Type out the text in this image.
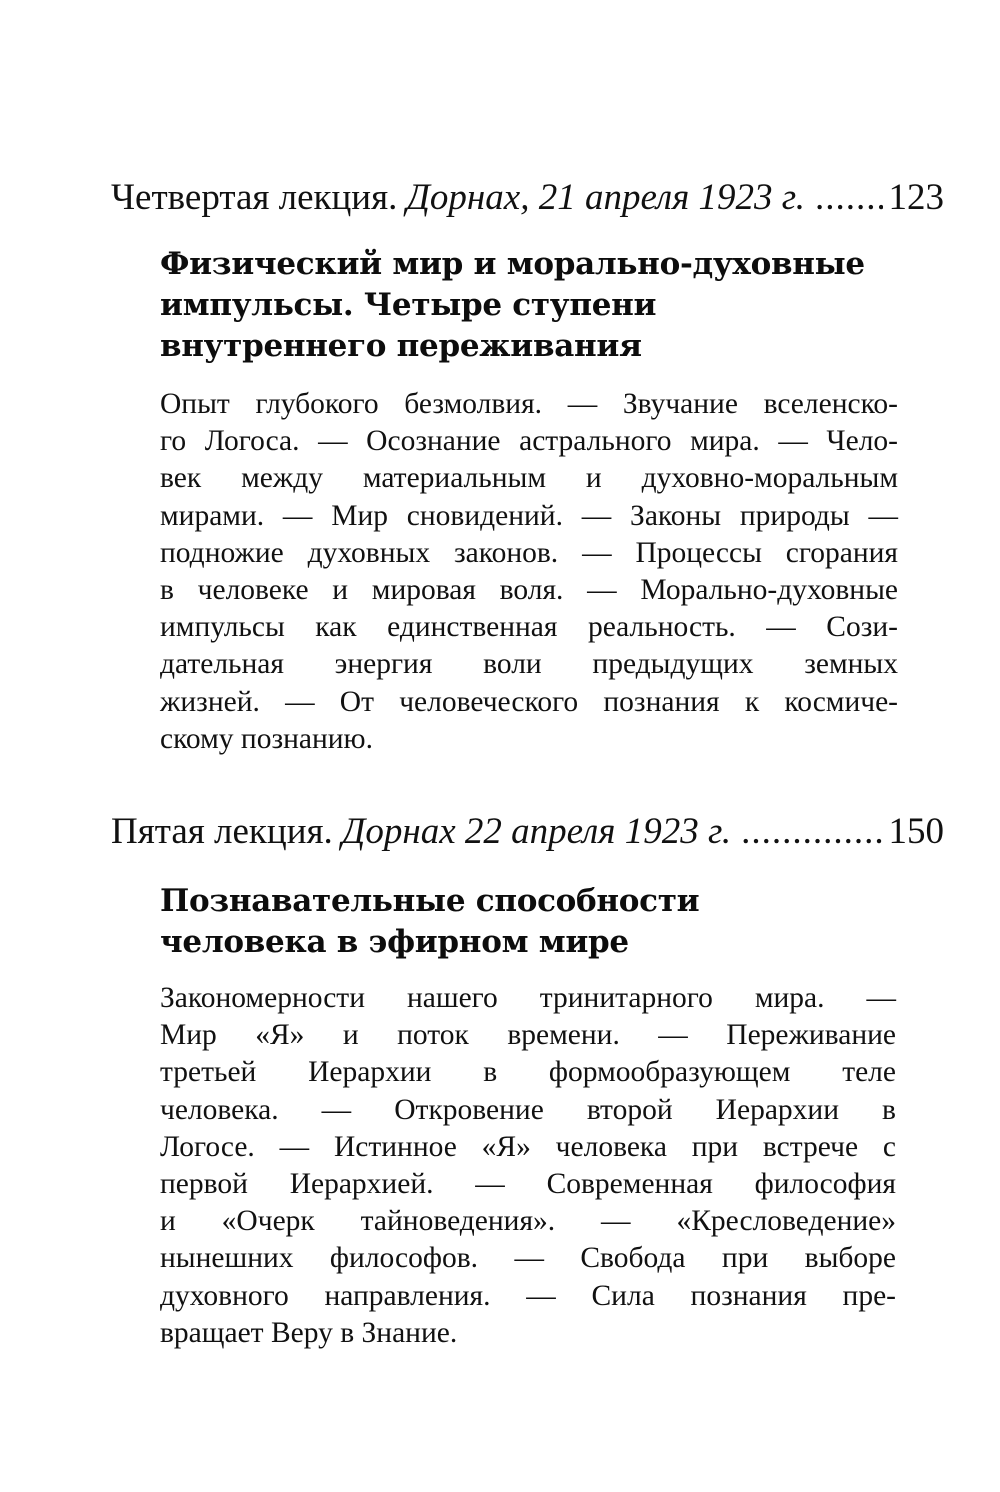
Четвертая лекция. Дорнах, 21 апреля 1923 г. ..... 123
Физический мир и морально-духовные
импульсы. Четыре ступени
внутреннего переживания
Опыт глубокого безмолвия. — Звучание вселенско-
го Логоса. — Осознание астрального мира. — Чело-
век между материальным и духовно-моральным
мирами. — Мир сновидений. — Законы природы —
подножие духовных законов. — Процессы сгорания
в человеке и мировая воля. — Морально-духовные
импульсы как единственная реальность. — Сози-
дательная энергия воли предыдущих земных
жизней. — От человеческого познания к космиче-
скому познанию.
Пятая лекция. Дорнах 22 апреля 1923 г. .....	150
Познавательные способности
человека в эфирном мире
Закономерности нашего тринитарного мира. —
Мир «Я» и поток времени. — Переживание
третьей Иерархии в формообразующем теле
человека. — Откровение второй Иерархии в
Логосе. — Истинное «Я» человека при встрече с
первой Иерархией. — Современная философия
и «Очерк тайноведения». — «Кресловедение»
нынешних философов. — Свобода при выборе
духовного направления. — Сила познания пре-
вращает Веру в Знание.
